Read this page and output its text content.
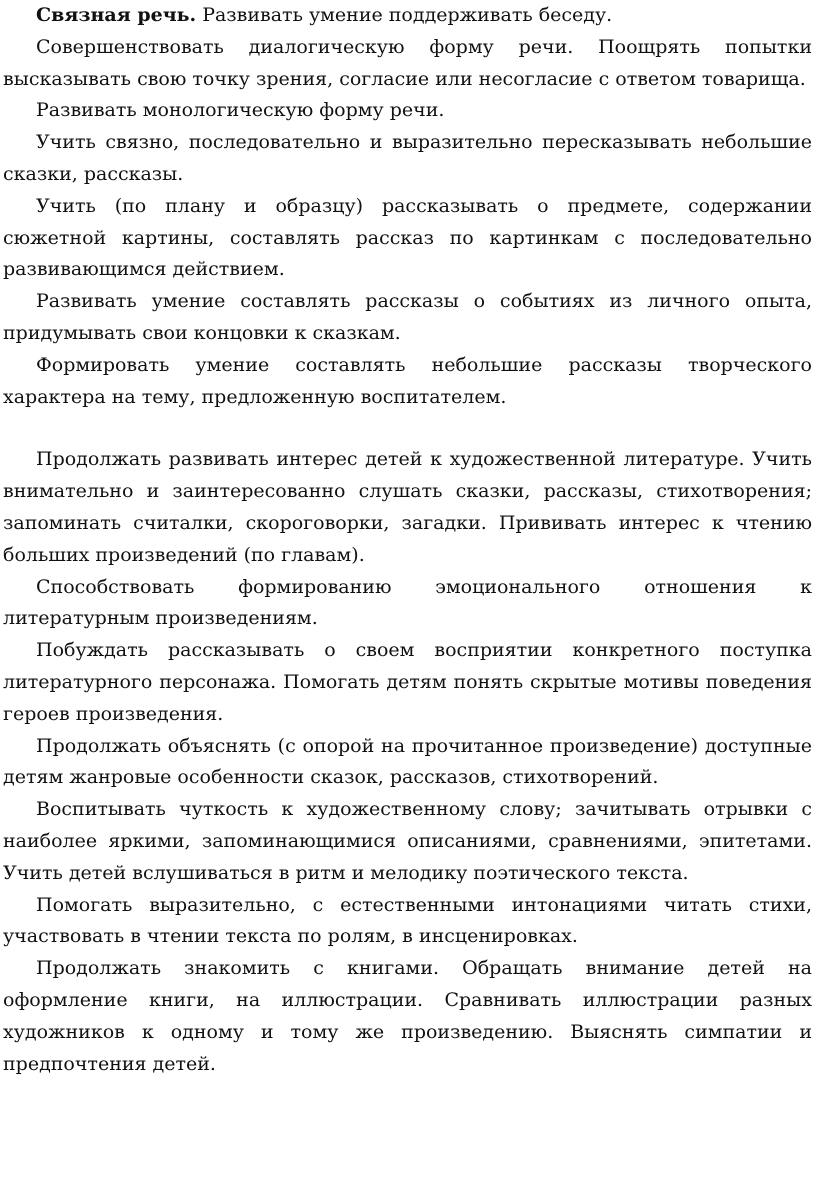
Связная речь. Развивать умение поддерживать беседу.

Совершенствовать диалогическую форму речи. Поощрять попытки высказывать свою точку зрения, согласие или несогласие с ответом товарища.

Развивать монологическую форму речи.

Учить связно, последовательно и выразительно пересказывать небольшие сказки, рассказы.

Учить (по плану и образцу) рассказывать о предмете, содержании сюжетной картины, составлять рассказ по картинкам с последовательно развивающимся действием.

Развивать умение составлять рассказы о событиях из личного опыта, придумывать свои концовки к сказкам.

Формировать умение составлять небольшие рассказы творческого характера на тему, предложенную воспитателем.

Продолжать развивать интерес детей к художественной литературе. Учить внимательно и заинтересованно слушать сказки, рассказы, стихотворения; запоминать считалки, скороговорки, загадки. Прививать интерес к чтению больших произведений (по главам).

Способствовать формированию эмоционального отношения к литературным произведениям.

Побуждать рассказывать о своем восприятии конкретного поступка литературного персонажа. Помогать детям понять скрытые мотивы поведения героев произведения.

Продолжать объяснять (с опорой на прочитанное произведение) доступные детям жанровые особенности сказок, рассказов, стихотворений.

Воспитывать чуткость к художественному слову; зачитывать отрывки с наиболее яркими, запоминающимися описаниями, сравнениями, эпитетами. Учить детей вслушиваться в ритм и мелодику поэтического текста.

Помогать выразительно, с естественными интонациями читать стихи, участвовать в чтении текста по ролям, в инсценировках.

Продолжать знакомить с книгами. Обращать внимание детей на оформление книги, на иллюстрации. Сравнивать иллюстрации разных художников к одному и тому же произведению. Выяснять симпатии и предпочтения детей.
